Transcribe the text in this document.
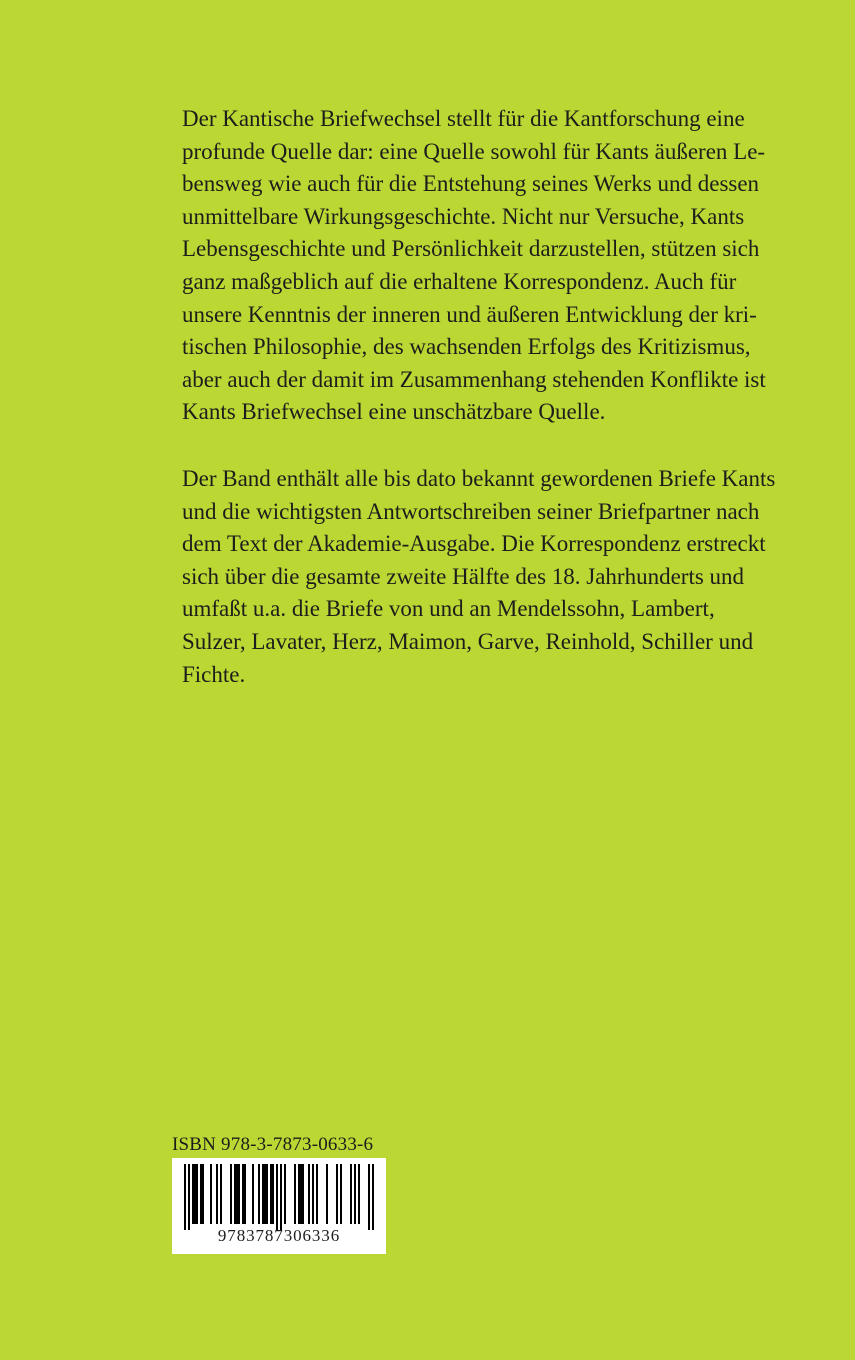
Der Kantische Briefwechsel stellt für die Kantforschung eine
profunde Quelle dar: eine Quelle sowohl für Kants äußeren Le-
bensweg wie auch für die Entstehung seines Werks und dessen
unmittelbare Wirkungsgeschichte. Nicht nur Versuche, Kants
Lebensgeschichte und Persönlichkeit darzustellen, stützen sich
ganz maßgeblich auf die erhaltene Korrespondenz. Auch für
unsere Kenntnis der inneren und äußeren Entwicklung der kri-
tischen Philosophie, des wachsenden Erfolgs des Kritizismus,
aber auch der damit im Zusammenhang stehenden Konflikte ist
Kants Briefwechsel eine unschätzbare Quelle.
Der Band enthält alle bis dato bekannt gewordenen Briefe Kants
und die wichtigsten Antwortschreiben seiner Briefpartner nach
dem Text der Akademie-Ausgabe. Die Korrespondenz erstreckt
sich über die gesamte zweite Hälfte des 18. Jahrhunderts und
umfaßt u.a. die Briefe von und an Mendelssohn, Lambert,
Sulzer, Lavater, Herz, Maimon, Garve, Reinhold, Schiller und
Fichte.
ISBN 978-3-7873-0633-6
9783787306336
